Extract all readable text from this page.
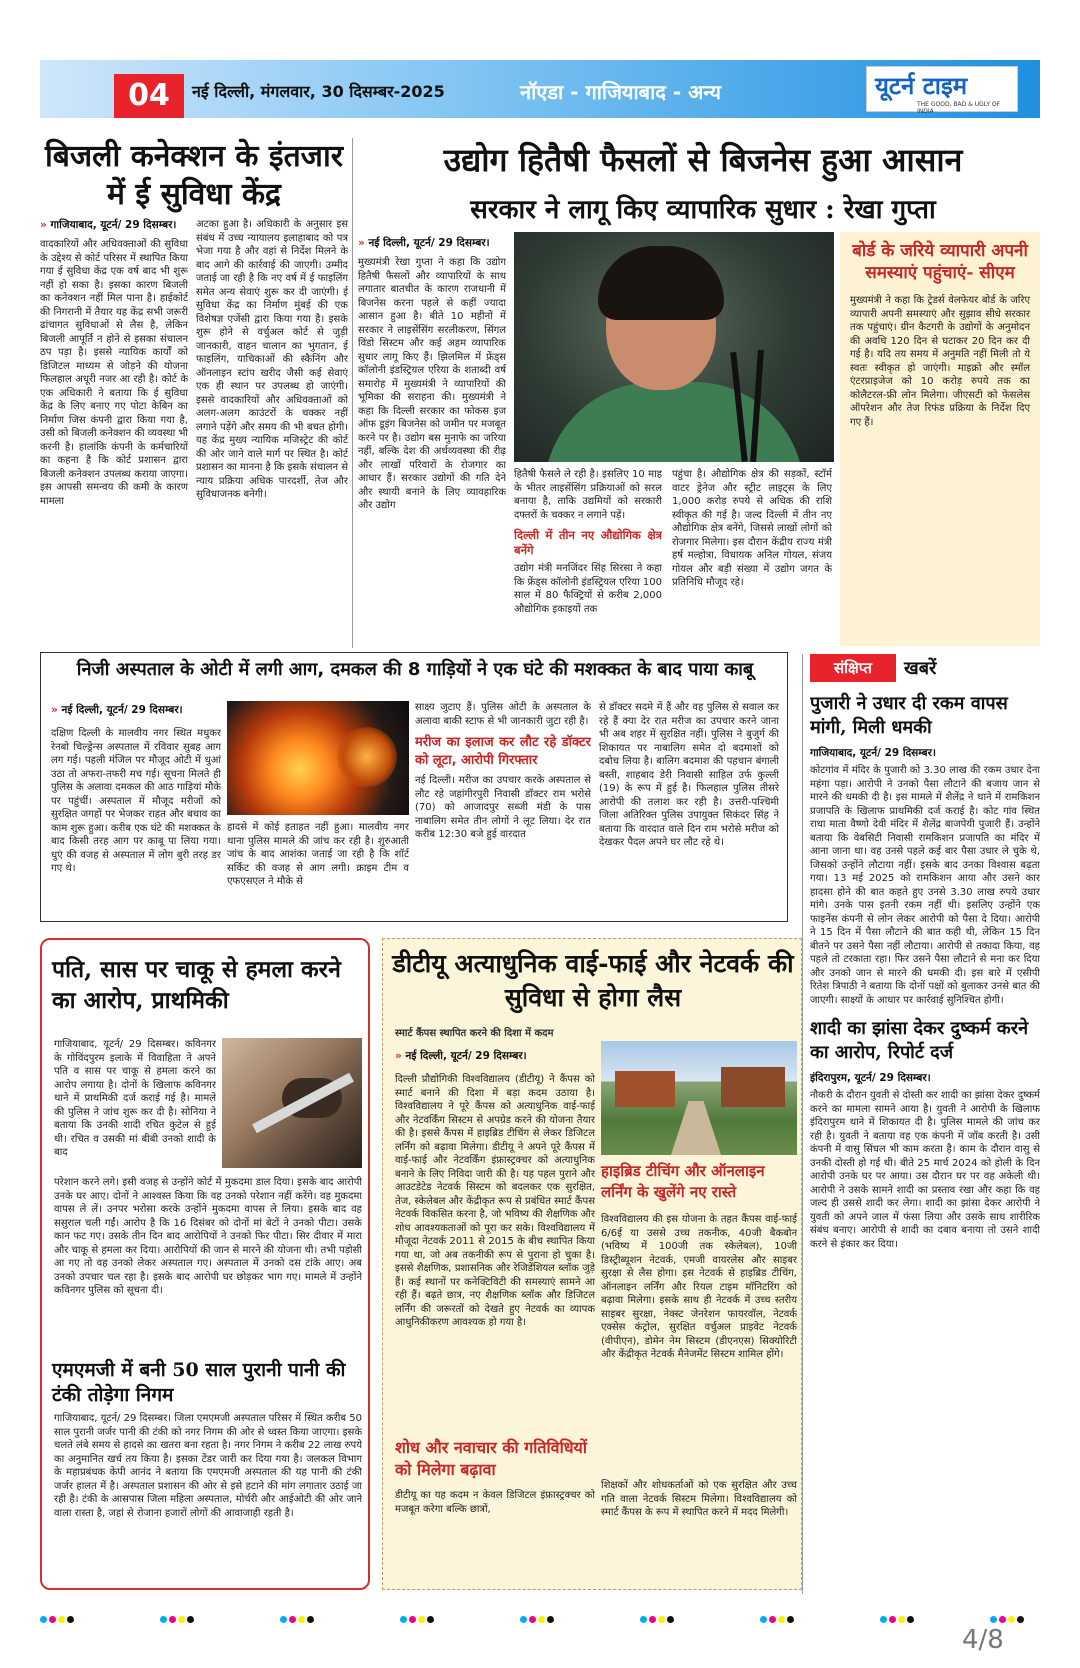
04	नई दिल्ली, मंगलवार, 30 दिसम्बर-2025	नॉएडा - गाजियाबाद - अन्य	यूटर्न टाइम
THE GOOD, BAD & UGLY OF INDIA
बिजली कनेक्शन के इंतजार में ई सुविधा केंद्र
» गाजियाबाद, यूटर्न/ 29 दिसम्बर।
वादकारियों और अधिवक्ताओं की सुविधा के उद्देश्य से कोर्ट परिसर में स्थापित किया गया ई सुविधा केंद्र एक वर्ष बाद भी शुरू नहीं हो सका है। इसका कारण बिजली का कनेक्शन नहीं मिल पाना है। हाईकोर्ट की निगरानी में तैयार यह केंद्र सभी जरूरी ढांचागत सुविधाओं से लैस है, लेकिन बिजली आपूर्ति न होने से इसका संचालन ठप पड़ा है। इससे न्यायिक कार्यों को डिजिटल माध्यम से जोड़ने की योजना फिलहाल अधूरी नजर आ रही है। कोर्ट के एक अधिकारी ने बताया कि ई सुविधा केंद्र के लिए बनाए गए पोटा केबिन का निर्माण जिस कंपनी द्वारा किया गया है, उसी को बिजली कनेक्शन की व्यवस्था भी करनी है। हालांकि कंपनी के कर्मचारियों का कहना है कि कोर्ट प्रशासन द्वारा बिजली कनेक्शन उपलब्ध कराया जाएगा। इस आपसी समन्वय की कमी के कारण मामला
अटका हुआ है। अधिकारी के अनुसार इस संबंध में उच्च न्यायालय इलाहाबाद को पत्र भेजा गया है और वहां से निर्देश मिलने के बाद आगे की कार्रवाई की जाएगी। उम्मीद जताई जा रही है कि नए वर्ष में ई फाइलिंग समेत अन्य सेवाएं शुरू कर दी जाएंगी। ई सुविधा केंद्र का निर्माण मुंबई की एक विशेषज्ञ एजेंसी द्वारा किया गया है। इसके शुरू होने से वर्चुअल कोर्ट से जुड़ी जानकारी, वाहन चालान का भुगतान, ई फाइलिंग, याचिकाओं की स्कैनिंग और ऑनलाइन स्टांप खरीद जैसी कई सेवाएं एक ही स्थान पर उपलब्ध हो जाएंगी। इससे वादकारियों और अधिवक्ताओं को अलग-अलग काउंटरों के चक्कर नहीं लगाने पड़ेंगे और समय की भी बचत होगी। यह केंद्र मुख्य न्यायिक मजिस्ट्रेट की कोर्ट की ओर जाने वाले मार्ग पर स्थित है। कोर्ट प्रशासन का मानना है कि इसके संचालन से न्याय प्रक्रिया अधिक पारदर्शी, तेज और सुविधाजनक बनेगी।
उद्योग हितैषी फैसलों से बिजनेस हुआ आसान
सरकार ने लागू किए व्यापारिक सुधार : रेखा गुप्ता
» नई दिल्ली, यूटर्न/ 29 दिसम्बर।
मुख्यमंत्री रेखा गुप्ता ने कहा कि उद्योग हितैषी फैसलों और व्यापारियों के साथ लगातार बातचीत के कारण राजधानी में बिजनेस करना पहले से कहीं ज्यादा आसान हुआ है। बीते 10 महीनों में सरकार ने लाइसेंसिंग सरलीकरण, सिंगल विंडो सिस्टम और कई अहम व्यापारिक सुधार लागू किए हैं। झिलमिल में फ्रेंड्स कॉलोनी इंडस्ट्रियल एरिया के शताब्दी वर्ष समारोह में मुख्यमंत्री ने व्यापारियों की भूमिका की सराहना की। मुख्यमंत्री ने कहा कि दिल्ली सरकार का फोकस इज ऑफ डूइंग बिजनेस को जमीन पर मजबूत करने पर है। उद्योग बस मुनाफे का जरिया नहीं, बल्कि देश की अर्थव्यवस्था की रीढ़ और लाखों परिवारों के रोजगार का आधार हैं। सरकार उद्योगों की गति देने और स्थायी बनाने के लिए व्यावहारिक और उद्योग
हितैषी फैसले ले रही है। इसलिए 10 माह के भीतर लाइसेंसिंग प्रक्रियाओं को सरल बनाया है, ताकि उद्यमियों को सरकारी दफ्तरों के चक्कर न लगाने पड़ें।
दिल्ली में तीन नए औद्योगिक क्षेत्र बनेंगे
उद्योग मंत्री मनजिंदर सिंह सिरसा ने कहा कि फ्रेंड्स कॉलोनी इंडस्ट्रियल एरिया 100 साल में 80 फैक्ट्रियों से करीब 2,000 औद्योगिक इकाइयों तक
पहुंचा है। औद्योगिक क्षेत्र की सड़कों, स्टॉर्म वाटर ड्रेनेज और स्ट्रीट लाइट्स के लिए 1,000 करोड़ रुपये से अधिक की राशि स्वीकृत की गई है। जल्द दिल्ली में तीन नए औद्योगिक क्षेत्र बनेंगे, जिससे लाखों लोगों को रोजगार मिलेगा। इस दौरान केंद्रीय राज्य मंत्री हर्ष मल्होत्रा, विधायक अनिल गोयल, संजय गोयल और बड़ी संख्या में उद्योग जगत के प्रतिनिधि मौजूद रहे।
बोर्ड के जरिये व्यापारी अपनी समस्याएं पहुंचाएं- सीएम
मुख्यमंत्री ने कहा कि ट्रेडर्स वेलफेयर बोर्ड के जरिए व्यापारी अपनी समस्याएं और सुझाव सीधे सरकार तक पहुंचाएं। ग्रीन कैटगरी के उद्योगों के अनुमोदन की अवधि 120 दिन से घटाकर 20 दिन कर दी गई है। यदि तय समय में अनुमति नहीं मिली तो ये स्वतः स्वीकृत हो जाएंगी। माइक्रो और स्मॉल एंटरप्राइजेज को 10 करोड़ रुपये तक का कोलैटरल-फ्री लोन मिलेगा। जीएसटी को फेसलेस ऑपरेशन और तेज रिफंड प्रक्रिया के निर्देश दिए गए हैं।
निजी अस्पताल के ओटी में लगी आग, दमकल की 8 गाड़ियों ने एक घंटे की मशक्कत के बाद पाया काबू
» नई दिल्ली, यूटर्न/ 29 दिसम्बर।
दक्षिण दिल्ली के मालवीय नगर स्थित मधुकर रेनबो चिल्ड्रेन्स अस्पताल में रविवार सुबह आग लग गई। पहली मंजिल पर मौजूद ओटी में धुआं उठा तो अफरा-तफरी मच गई। सूचना मिलते ही पुलिस के अलावा दमकल की आठ गाड़ियां मौके पर पहुंचीं। अस्पताल में मौजूद मरीजों को सुरक्षित जगहों पर भेजकर राहत और बचाव का काम शुरू हुआ। करीब एक घंटे की मशक्कत के बाद किसी तरह आग पर काबू पा लिया गया। धुएं की वजह से अस्पताल में लोग बुरी तरह डर गए थे।
हादसे में कोई हताहत नहीं हुआ। मालवीय नगर थाना पुलिस मामले की जांच कर रही है। शुरुआती जांच के बाद आशंका जताई जा रही है कि शॉर्ट सर्किट की वजह से आग लगी। क्राइम टीम व एफएसएल ने मौके से
साक्ष्य जुटाए हैं। पुलिस ओटी के अस्पताल के अलावा बाकी स्टाफ से भी जानकारी जुटा रही है।
मरीज का इलाज कर लौट रहे डॉक्टर को लूटा, आरोपी गिरफ्तार
नई दिल्ली। मरीज का उपचार करके अस्पताल से लौट रहे जहांगीरपुरी निवासी डॉक्टर राम भरोसे (70) को आजादपुर सब्जी मंडी के पास नाबालिग समेत तीन लोगों ने लूट लिया। देर रात करीब 12:30 बजे हुई वारदात
से डॉक्टर सदमे में हैं और वह पुलिस से सवाल कर रहे हैं क्या देर रात मरीज का उपचार करने जाना भी अब शहर में सुरक्षित नहीं। पुलिस ने बुजुर्ग की शिकायत पर नाबालिग समेत दो बदमाशों को दबोच लिया है। बालिग बदमाश की पहचान बंगाली बस्ती, शाहबाद डेरी निवासी साहिल उर्फ कुल्ली (19) के रूप में हुई है। फिलहाल पुलिस तीसरे आरोपी की तलाश कर रही है। उत्तरी-पश्चिमी जिला अतिरिक्त पुलिस उपायुक्त सिकंदर सिंह ने बताया कि वारदात वाले दिन राम भरोसे मरीज को देखकर पैदल अपने घर लौट रहे थे।
संक्षिप्त	खबरें
पुजारी ने उधार दी रकम वापस मांगी, मिली धमकी
गाजियाबाद, यूटर्न/ 29 दिसम्बर।
कोटगांव में मंदिर के पुजारी को 3.30 लाख की रकम उधार देना महंगा पड़ा। आरोपी ने उनको पैसा लौटाने की बजाय जान से मारने की धमकी दी है। इस मामले में शैलेंद्र ने थाने में रामकिशन प्रजापति के खिलाफ प्राथमिकी दर्ज कराई है। कोट गांव स्थित राधा माता वैष्णो देवी मंदिर में शैलेंद्र बाजपेयी पुजारी हैं। उन्होंने बताया कि वेबसिटी निवासी रामकिशन प्रजापति का मंदिर में आना जाना था। वह उनसे पहले कई बार पैसा उधार ले चुके थे, जिसको उन्होंने लौटाया नहीं। इसके बाद उनका विश्वास बढ़ता गया। 13 मई 2025 को रामकिशन आया और उसने कार हादसा होने की बात कहते हुए उनसे 3.30 लाख रुपये उधार मांगे। उनके पास इतनी रकम नहीं थी। इसलिए उन्होंने एक फाइनेंस कंपनी से लोन लेकर आरोपी को पैसा दे दिया। आरोपी ने 15 दिन में पैसा लौटाने की बात कही थी, लेकिन 15 दिन बीतने पर उसने पैसा नहीं लौटाया। आरोपी से तकादा किया, वह पहले तो टरकाता रहा। फिर उसने पैसा लौटाने से मना कर दिया और उनको जान से मारने की धमकी दी। इस बारे में एसीपी रितेश त्रिपाठी ने बताया कि दोनों पक्षों को बुलाकर उनसे बात की जाएगी। साक्ष्यों के आधार पर कार्रवाई सुनिश्चित होगी।
शादी का झांसा देकर दुष्कर्म करने का आरोप, रिपोर्ट दर्ज
इंदिरापुरम, यूटर्न/ 29 दिसम्बर।
नौकरी के दौरान युवती से दोस्ती कर शादी का झांसा देकर दुष्कर्म करने का मामला सामने आया है। युवती ने आरोपी के खिलाफ इंदिरापुरम थाने में शिकायत दी है। पुलिस मामले की जांच कर रही है। युवती ने बताया वह एक कंपनी में जॉब करती है। उसी कंपनी में वासु सिंघल भी काम करता है। काम के दौरान वासु से उनकी दोस्ती हो गई थी। बीते 25 मार्च 2024 को होली के दिन आरोपी उनके घर पर आया। उस दौरान घर पर वह अकेली थी। आरोपी ने उसके सामने शादी का प्रस्ताव रखा और कहा कि वह जल्द ही उससे शादी कर लेगा। शादी का झांसा देकर आरोपी ने युवती को अपने जाल में फंसा लिया और उसके साथ शारीरिक संबंध बनाए। आरोपी से शादी का दबाव बनाया तो उसने शादी करने से इंकार कर दिया।
पति, सास पर चाकू से हमला करने का आरोप, प्राथमिकी
गाजियाबाद, यूटर्न/ 29 दिसम्बर। कविनगर के गोविंदपुरम इलाके में विवाहिता ने अपने पति व सास पर चाकू से हमला करने का आरोप लगाया है। दोनों के खिलाफ कविनगर थाने में प्राथमिकी दर्ज कराई गई है। मामले की पुलिस ने जांच शुरू कर दी है। सोनिया ने बताया कि उनकी शादी रचित कुटेल से हुई थी। रचित व उसकी मां बीबी उनको शादी के बाद
परेशान करने लगे। इसी वजह से उन्होंने कोर्ट में मुकदमा डाल दिया। इसके बाद आरोपी उनके घर आए। दोनों ने आश्वस्त किया कि वह उनको परेशान नहीं करेंगे। वह मुकदमा वापस ले लें। उनपर भरोसा करके उन्होंने मुकदमा वापस ले लिया। इसके बाद वह ससुराल चली गईं। आरोप है कि 16 दिसंबर को दोनों मां बेटों ने उनको पीटा। उसके कान फट गए। उसके तीन दिन बाद आरोपियों ने उनको फिर पीटा। सिर दीवार में मारा और चाकू से हमला कर दिया। आरोपियों की जान से मारने की योजना थी। तभी पड़ोसी आ गए तो वह उनको लेकर अस्पताल गए। अस्पताल में उनको दस टांके आए। अब उनको उपचार चल रहा है। इसके बाद आरोपी घर छोड़कर भाग गए। मामले में उन्होंने कविनगर पुलिस को सूचना दी।
एमएमजी में बनी 50 साल पुरानी पानी की टंकी तोड़ेगा निगम
गाजियाबाद, यूटर्न/ 29 दिसम्बर। जिला एमएमजी अस्पताल परिसर में स्थित करीब 50 साल पुरानी जर्जर पानी की टंकी को नगर निगम की ओर से ध्वस्त किया जाएगा। इसके चलते लंबे समय से हादसे का खतरा बना रहता है। नगर निगम ने करीब 22 लाख रुपये का अनुमानित खर्च तय किया है। इसका टेंडर जारी कर दिया गया है। जलकल विभाग के महाप्रबंधक केपी आनंद ने बताया कि एमएमजी अस्पताल की यह पानी की टंकी जर्जर हालत में है। अस्पताल प्रशासन की ओर से इसे हटाने की मांग लगातार उठाई जा रही है। टंकी के आसपास जिला महिला अस्पताल, मोर्चरी और आईओटी की ओर जाने वाला रास्ता है, जहां से रोजाना हजारों लोगों की आवाजाही रहती है।
डीटीयू अत्याधुनिक वाई-फाई और नेटवर्क की सुविधा से होगा लैस
स्मार्ट कैंपस स्थापित करने की दिशा में कदम
» नई दिल्ली, यूटर्न/ 29 दिसम्बर।
दिल्ली प्रौद्योगिकी विश्वविद्यालय (डीटीयू) ने कैंपस को स्मार्ट बनाने की दिशा में बड़ा कदम उठाया है। विश्वविद्यालय ने पूरे कैंपस को अत्याधुनिक वाई-फाई और नेटवर्किंग सिस्टम से अपग्रेड करने की योजना तैयार की है। इससे कैंपस में हाइब्रिड टीचिंग से लेकर डिजिटल लर्निंग को बढ़ावा मिलेगा। डीटीयू ने अपने पूरे कैंपस में वाई-फाई और नेटवर्किंग इंफ्रास्ट्रक्चर को अत्याधुनिक बनाने के लिए निविदा जारी की है। यह पहल पुराने और आउटडेटेड नेटवर्क सिस्टम को बदलकर एक सुरक्षित, तेज, स्केलेबल और केंद्रीकृत रूप से प्रबंधित स्मार्ट कैंपस नेटवर्क विकसित करना है, जो भविष्य की शैक्षणिक और शोध आवश्यकताओं को पूरा कर सके। विश्वविद्यालय में मौजूदा नेटवर्क 2011 से 2015 के बीच स्थापित किया गया था, जो अब तकनीकी रूप से पुराना हो चुका है। इससे शैक्षणिक, प्रशासनिक और रेजिडेंशियल ब्लॉक जुड़े हैं। कई स्थानों पर कनेक्टिविटी की समस्याएं सामने आ रही हैं। बढ़ते छात्र, नए शैक्षणिक ब्लॉक और डिजिटल लर्निंग की जरूरतों को देखते हुए नेटवर्क का व्यापक आधुनिकीकरण आवश्यक हो गया है।
हाइब्रिड टीचिंग और ऑनलाइन लर्निंग के खुलेंगे नए रास्ते
विश्वविद्यालय की इस योजना के तहत कैंपस वाई-फाई 6/6ई या उससे उच्च तकनीक, 40जी बैकबोन (भविष्य में 100जी तक स्केलेबल), 10जी डिस्ट्रीब्यूशन नेटवर्क, एमजी वायरलेस और साइबर सुरक्षा से लैस होगा। इस नेटवर्क से हाइब्रिड टीचिंग, ऑनलाइन लर्निंग और रियल टाइम मॉनिटरिंग को बढ़ावा मिलेगा। इसके साथ ही नेटवर्क में उच्च स्तरीय साइबर सुरक्षा, नेक्स्ट जेनरेशन फायरवॉल, नेटवर्क एक्सेस कंट्रोल, सुरक्षित वर्चुअल प्राइवेट नेटवर्क (वीपीएन), डोमेन नेम सिस्टम (डीएनएस) सिक्योरिटी और केंद्रीकृत नेटवर्क मैनेजमेंट सिस्टम शामिल होंगे।
शोध और नवाचार की गतिविधियों को मिलेगा बढ़ावा
डीटीयू का यह कदम न केवल डिजिटल इंफ्रास्ट्रक्चर को मजबूत करेगा बल्कि छात्रों,
शिक्षकों और शोधकर्ताओं को एक सुरक्षित और उच्च गति वाला नेटवर्क सिस्टम मिलेगा। विश्वविद्यालय को स्मार्ट कैंपस के रूप में स्थापित करने में मदद मिलेगी।
4/8
